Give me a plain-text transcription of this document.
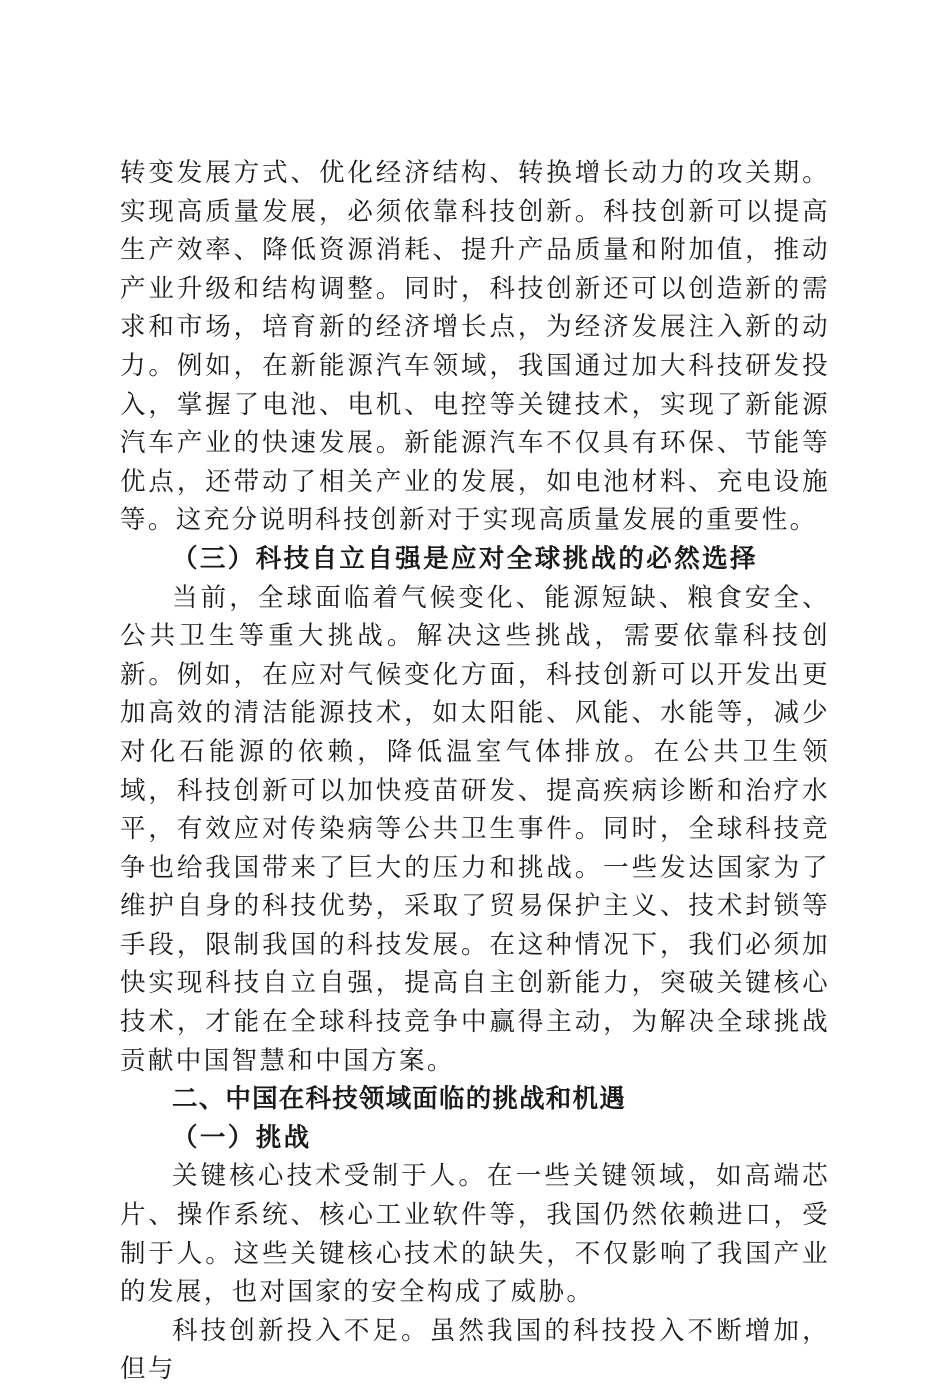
转变发展方式、优化经济结构、转换增长动力的攻关期。实现高质量发展，必须依靠科技创新。科技创新可以提高生产效率、降低资源消耗、提升产品质量和附加值，推动产业升级和结构调整。同时，科技创新还可以创造新的需求和市场，培育新的经济增长点，为经济发展注入新的动力。例如，在新能源汽车领域，我国通过加大科技研发投入，掌握了电池、电机、电控等关键技术，实现了新能源汽车产业的快速发展。新能源汽车不仅具有环保、节能等优点，还带动了相关产业的发展，如电池材料、充电设施等。这充分说明科技创新对于实现高质量发展的重要性。

（三）科技自立自强是应对全球挑战的必然选择

当前，全球面临着气候变化、能源短缺、粮食安全、公共卫生等重大挑战。解决这些挑战，需要依靠科技创新。例如，在应对气候变化方面，科技创新可以开发出更加高效的清洁能源技术，如太阳能、风能、水能等，减少对化石能源的依赖，降低温室气体排放。在公共卫生领域，科技创新可以加快疫苗研发、提高疾病诊断和治疗水平，有效应对传染病等公共卫生事件。同时，全球科技竞争也给我国带来了巨大的压力和挑战。一些发达国家为了维护自身的科技优势，采取了贸易保护主义、技术封锁等手段，限制我国的科技发展。在这种情况下，我们必须加快实现科技自立自强，提高自主创新能力，突破关键核心技术，才能在全球科技竞争中赢得主动，为解决全球挑战贡献中国智慧和中国方案。

二、中国在科技领域面临的挑战和机遇

（一）挑战

关键核心技术受制于人。在一些关键领域，如高端芯片、操作系统、核心工业软件等，我国仍然依赖进口，受制于人。这些关键核心技术的缺失，不仅影响了我国产业的发展，也对国家的安全构成了威胁。

科技创新投入不足。虽然我国的科技投入不断增加，但与
